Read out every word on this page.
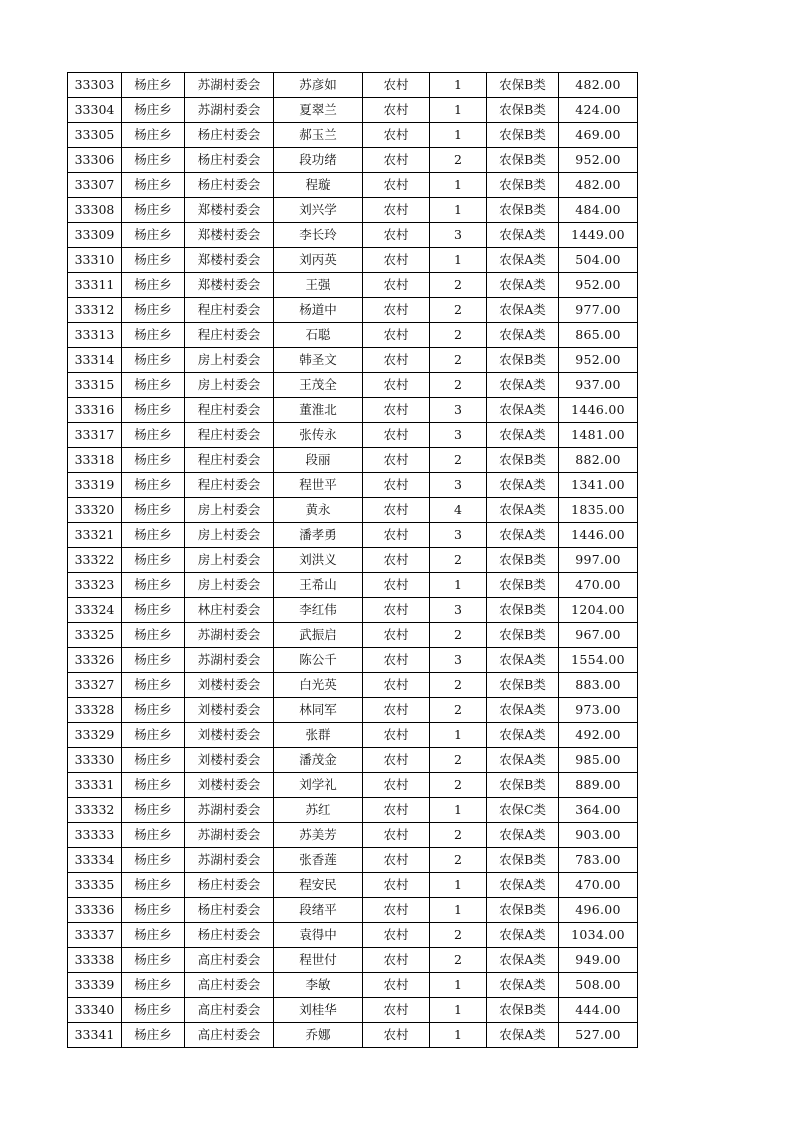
33303	杨庄乡	苏湖村委会	苏彦如	农村	1	农保B类	482.00
33304	杨庄乡	苏湖村委会	夏翠兰	农村	1	农保B类	424.00
33305	杨庄乡	杨庄村委会	郝玉兰	农村	1	农保B类	469.00
33306	杨庄乡	杨庄村委会	段功绪	农村	2	农保B类	952.00
33307	杨庄乡	杨庄村委会	程璇	农村	1	农保B类	482.00
33308	杨庄乡	郑楼村委会	刘兴学	农村	1	农保B类	484.00
33309	杨庄乡	郑楼村委会	李长玲	农村	3	农保A类	1449.00
33310	杨庄乡	郑楼村委会	刘丙英	农村	1	农保A类	504.00
33311	杨庄乡	郑楼村委会	王强	农村	2	农保A类	952.00
33312	杨庄乡	程庄村委会	杨道中	农村	2	农保A类	977.00
33313	杨庄乡	程庄村委会	石聪	农村	2	农保A类	865.00
33314	杨庄乡	房上村委会	韩圣文	农村	2	农保B类	952.00
33315	杨庄乡	房上村委会	王茂全	农村	2	农保A类	937.00
33316	杨庄乡	程庄村委会	董淮北	农村	3	农保A类	1446.00
33317	杨庄乡	程庄村委会	张传永	农村	3	农保A类	1481.00
33318	杨庄乡	程庄村委会	段丽	农村	2	农保B类	882.00
33319	杨庄乡	程庄村委会	程世平	农村	3	农保A类	1341.00
33320	杨庄乡	房上村委会	黄永	农村	4	农保A类	1835.00
33321	杨庄乡	房上村委会	潘孝勇	农村	3	农保A类	1446.00
33322	杨庄乡	房上村委会	刘洪义	农村	2	农保B类	997.00
33323	杨庄乡	房上村委会	王希山	农村	1	农保B类	470.00
33324	杨庄乡	林庄村委会	李红伟	农村	3	农保B类	1204.00
33325	杨庄乡	苏湖村委会	武振启	农村	2	农保B类	967.00
33326	杨庄乡	苏湖村委会	陈公千	农村	3	农保A类	1554.00
33327	杨庄乡	刘楼村委会	白光英	农村	2	农保B类	883.00
33328	杨庄乡	刘楼村委会	林同军	农村	2	农保A类	973.00
33329	杨庄乡	刘楼村委会	张群	农村	1	农保A类	492.00
33330	杨庄乡	刘楼村委会	潘茂金	农村	2	农保A类	985.00
33331	杨庄乡	刘楼村委会	刘学礼	农村	2	农保B类	889.00
33332	杨庄乡	苏湖村委会	苏红	农村	1	农保C类	364.00
33333	杨庄乡	苏湖村委会	苏美芳	农村	2	农保A类	903.00
33334	杨庄乡	苏湖村委会	张香莲	农村	2	农保B类	783.00
33335	杨庄乡	杨庄村委会	程安民	农村	1	农保A类	470.00
33336	杨庄乡	杨庄村委会	段绪平	农村	1	农保B类	496.00
33337	杨庄乡	杨庄村委会	袁得中	农村	2	农保A类	1034.00
33338	杨庄乡	高庄村委会	程世付	农村	2	农保A类	949.00
33339	杨庄乡	高庄村委会	李敏	农村	1	农保A类	508.00
33340	杨庄乡	高庄村委会	刘桂华	农村	1	农保B类	444.00
33341	杨庄乡	高庄村委会	乔娜	农村	1	农保A类	527.00
